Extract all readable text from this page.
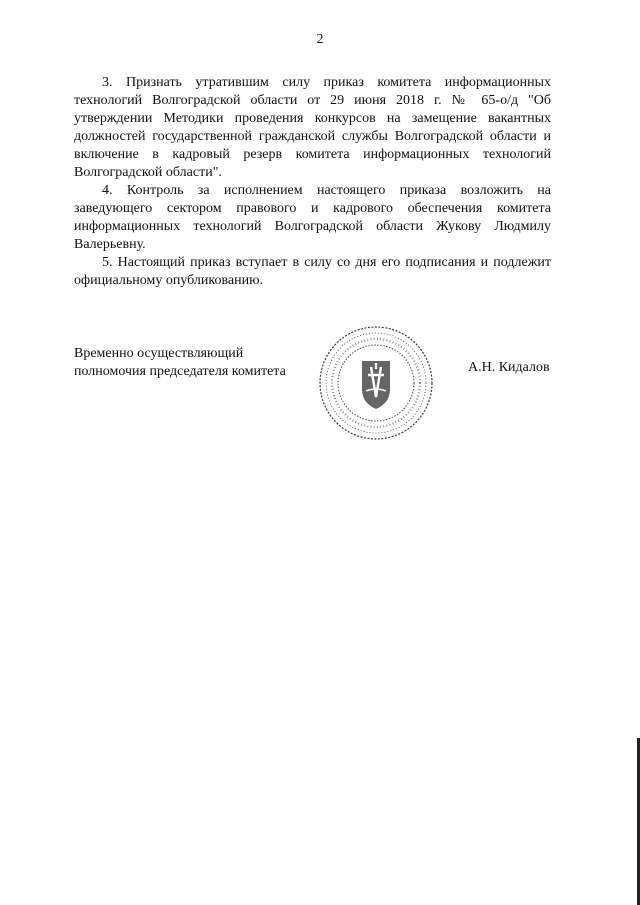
2

3. Признать утратившим силу приказ комитета информационных технологий Волгоградской области от 29 июня 2018 г. № 65-о/д "Об утверждении Методики проведения конкурсов на замещение вакантных должностей государственной гражданской службы Волгоградской области и включение в кадровый резерв комитета информационных технологий Волгоградской области".

4. Контроль за исполнением настоящего приказа возложить на заведующего сектором правового и кадрового обеспечения комитета информационных технологий Волгоградской области Жукову Людмилу Валерьевну.

5. Настоящий приказ вступает в силу со дня его подписания и подлежит официальному опубликованию.

Временно осуществляющий
полномочия председателя комитета	А.Н. Кидалов
